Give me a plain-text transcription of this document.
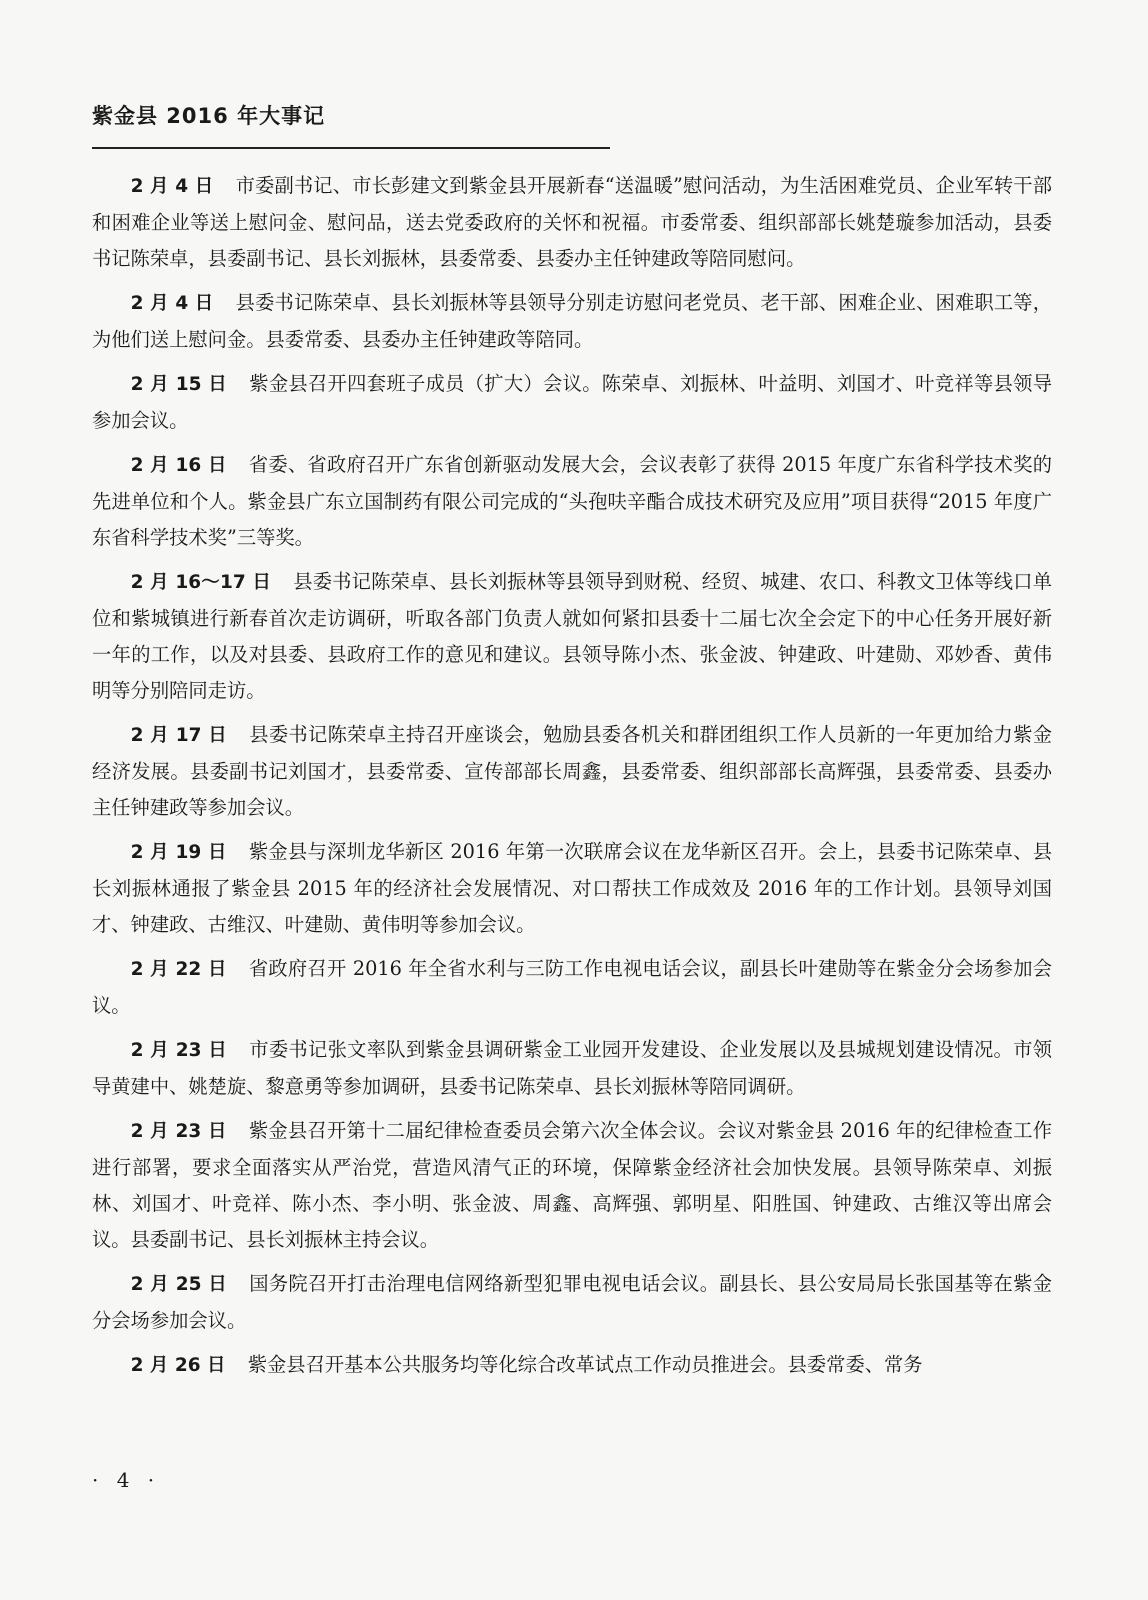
紫金县 2016 年大事记

2 月 4 日 市委副书记、市长彭建文到紫金县开展新春“送温暖”慰问活动，为生活困难党员、企业军转干部和困难企业等送上慰问金、慰问品，送去党委政府的关怀和祝福。市委常委、组织部部长姚楚璇参加活动，县委书记陈荣卓，县委副书记、县长刘振林，县委常委、县委办主任钟建政等陪同慰问。

2 月 4 日 县委书记陈荣卓、县长刘振林等县领导分别走访慰问老党员、老干部、困难企业、困难职工等，为他们送上慰问金。县委常委、县委办主任钟建政等陪同。

2 月 15 日 紫金县召开四套班子成员（扩大）会议。陈荣卓、刘振林、叶益明、刘国才、叶竞祥等县领导参加会议。

2 月 16 日 省委、省政府召开广东省创新驱动发展大会，会议表彰了获得 2015 年度广东省科学技术奖的先进单位和个人。紫金县广东立国制药有限公司完成的“头孢呋辛酯合成技术研究及应用”项目获得“2015 年度广东省科学技术奖”三等奖。

2 月 16～17 日 县委书记陈荣卓、县长刘振林等县领导到财税、经贸、城建、农口、科教文卫体等线口单位和紫城镇进行新春首次走访调研，听取各部门负责人就如何紧扣县委十二届七次全会定下的中心任务开展好新一年的工作，以及对县委、县政府工作的意见和建议。县领导陈小杰、张金波、钟建政、叶建勋、邓妙香、黄伟明等分别陪同走访。

2 月 17 日 县委书记陈荣卓主持召开座谈会，勉励县委各机关和群团组织工作人员新的一年更加给力紫金经济发展。县委副书记刘国才，县委常委、宣传部部长周鑫，县委常委、组织部部长高辉强，县委常委、县委办主任钟建政等参加会议。

2 月 19 日 紫金县与深圳龙华新区 2016 年第一次联席会议在龙华新区召开。会上，县委书记陈荣卓、县长刘振林通报了紫金县 2015 年的经济社会发展情况、对口帮扶工作成效及 2016 年的工作计划。县领导刘国才、钟建政、古维汉、叶建勋、黄伟明等参加会议。

2 月 22 日 省政府召开 2016 年全省水利与三防工作电视电话会议，副县长叶建勋等在紫金分会场参加会议。

2 月 23 日 市委书记张文率队到紫金县调研紫金工业园开发建设、企业发展以及县城规划建设情况。市领导黄建中、姚楚旋、黎意勇等参加调研，县委书记陈荣卓、县长刘振林等陪同调研。

2 月 23 日 紫金县召开第十二届纪律检查委员会第六次全体会议。会议对紫金县 2016 年的纪律检查工作进行部署，要求全面落实从严治党，营造风清气正的环境，保障紫金经济社会加快发展。县领导陈荣卓、刘振林、刘国才、叶竞祥、陈小杰、李小明、张金波、周鑫、高辉强、郭明星、阳胜国、钟建政、古维汉等出席会议。县委副书记、县长刘振林主持会议。

2 月 25 日 国务院召开打击治理电信网络新型犯罪电视电话会议。副县长、县公安局局长张国基等在紫金分会场参加会议。

2 月 26 日 紫金县召开基本公共服务均等化综合改革试点工作动员推进会。县委常委、常务

· 4 ·
